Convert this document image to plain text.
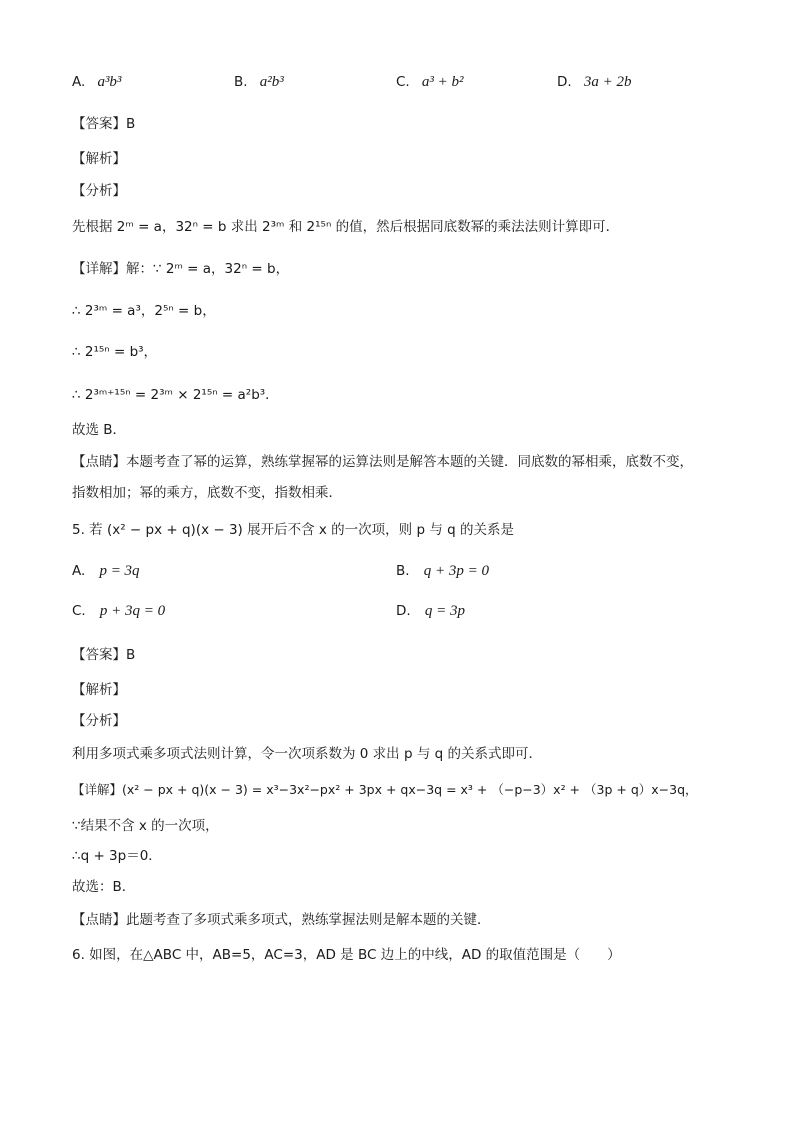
A. a³b³	B. a²b³	C. a³ + b²	D. 3a + 2b
【答案】B
【解析】
【分析】
先根据 2ᵐ = a，32ⁿ = b 求出 2³ᵐ 和 2¹⁵ⁿ 的值，然后根据同底数幂的乘法法则计算即可．
【详解】解：∵ 2ᵐ = a，32ⁿ = b，
∴ 2³ᵐ = a³，2⁵ⁿ = b，
∴ 2¹⁵ⁿ = b³，
∴ 2³ᵐ⁺¹⁵ⁿ = 2³ᵐ × 2¹⁵ⁿ = a²b³．
故选 B．
【点睛】本题考查了幂的运算，熟练掌握幂的运算法则是解答本题的关键．同底数的幂相乘，底数不变，
指数相加；幂的乘方，底数不变，指数相乘．
5. 若 (x² − px + q)(x − 3) 展开后不含 x 的一次项，则 p 与 q 的关系是
A. p = 3q	B. q + 3p = 0
C. p + 3q = 0	D. q = 3p
【答案】B
【解析】
【分析】
利用多项式乘多项式法则计算，令一次项系数为 0 求出 p 与 q 的关系式即可．
【详解】(x² − px + q)(x − 3) = x³−3x²−px² + 3px + qx−3q = x³ + （−p−3）x² + （3p + q）x−3q，
∵结果不含 x 的一次项，
∴q + 3p＝0．
故选：B．
【点睛】此题考查了多项式乘多项式，熟练掌握法则是解本题的关键．
6. 如图，在△ABC 中，AB=5，AC=3，AD 是 BC 边上的中线，AD 的取值范围是（　　）
